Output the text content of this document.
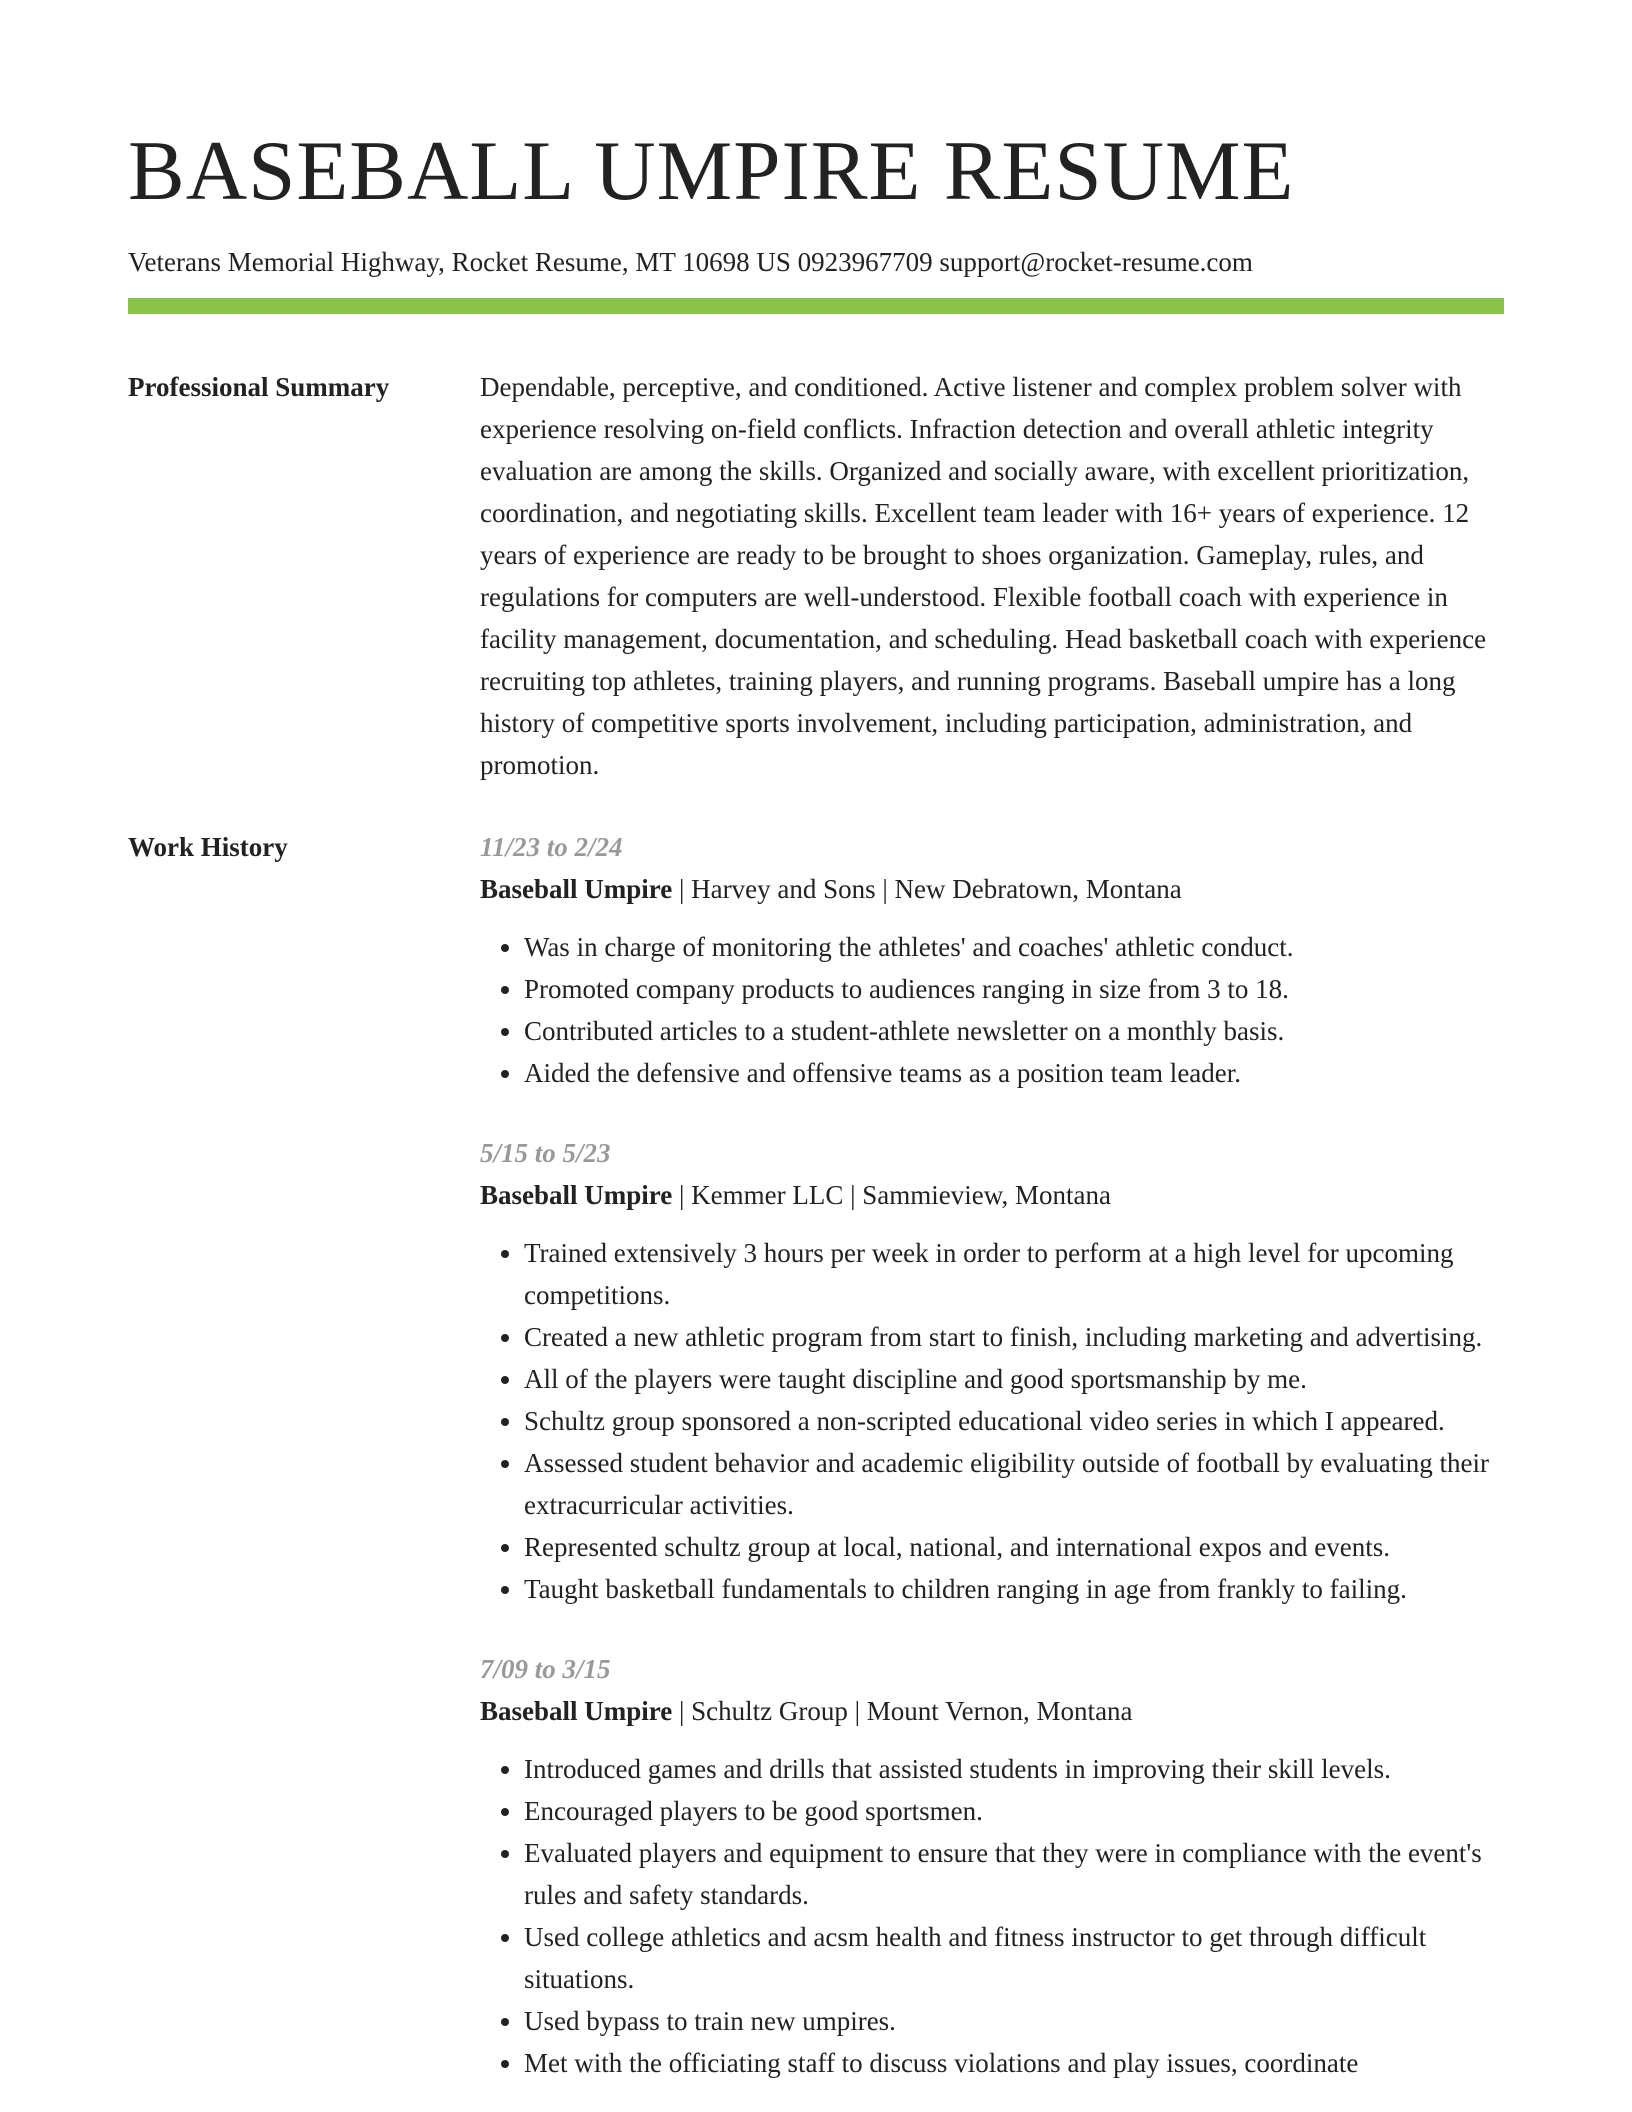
BASEBALL UMPIRE RESUME
Veterans Memorial Highway, Rocket Resume, MT 10698 US 0923967709 support@rocket-resume.com
Professional Summary	Dependable, perceptive, and conditioned. Active listener and complex problem solver with experience resolving on-field conflicts. Infraction detection and overall athletic integrity evaluation are among the skills. Organized and socially aware, with excellent prioritization, coordination, and negotiating skills. Excellent team leader with 16+ years of experience. 12 years of experience are ready to be brought to shoes organization. Gameplay, rules, and regulations for computers are well-understood. Flexible football coach with experience in facility management, documentation, and scheduling. Head basketball coach with experience recruiting top athletes, training players, and running programs. Baseball umpire has a long history of competitive sports involvement, including participation, administration, and promotion.

Work History	11/23 to 2/24
Baseball Umpire | Harvey and Sons | New Debratown, Montana
• Was in charge of monitoring the athletes' and coaches' athletic conduct.
• Promoted company products to audiences ranging in size from 3 to 18.
• Contributed articles to a student-athlete newsletter on a monthly basis.
• Aided the defensive and offensive teams as a position team leader.
5/15 to 5/23
Baseball Umpire | Kemmer LLC | Sammieview, Montana
• Trained extensively 3 hours per week in order to perform at a high level for upcoming competitions.
• Created a new athletic program from start to finish, including marketing and advertising.
• All of the players were taught discipline and good sportsmanship by me.
• Schultz group sponsored a non-scripted educational video series in which I appeared.
• Assessed student behavior and academic eligibility outside of football by evaluating their extracurricular activities.
• Represented schultz group at local, national, and international expos and events.
• Taught basketball fundamentals to children ranging in age from frankly to failing.
7/09 to 3/15
Baseball Umpire | Schultz Group | Mount Vernon, Montana
• Introduced games and drills that assisted students in improving their skill levels.
• Encouraged players to be good sportsmen.
• Evaluated players and equipment to ensure that they were in compliance with the event's rules and safety standards.
• Used college athletics and acsm health and fitness instructor to get through difficult situations.
• Used bypass to train new umpires.
• Met with the officiating staff to discuss violations and play issues, coordinate
